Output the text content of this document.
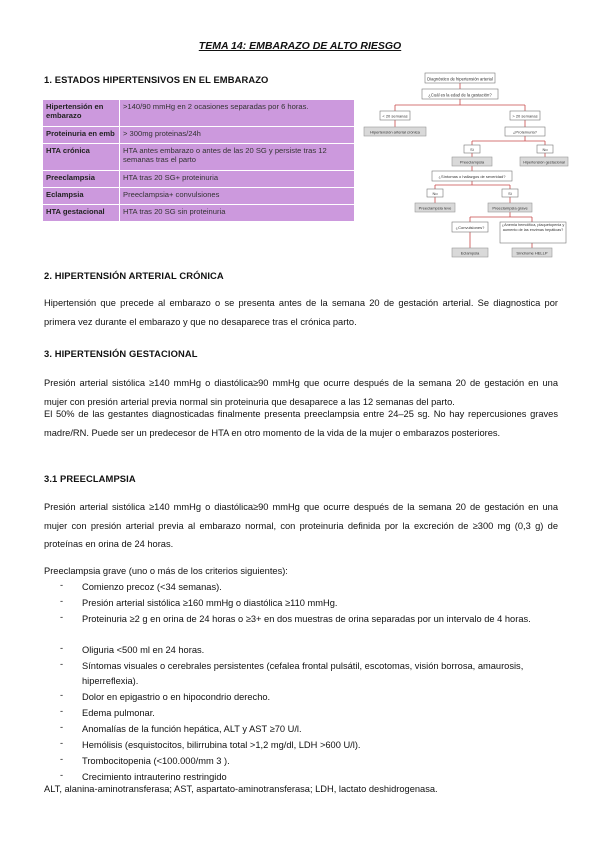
TEMA 14: EMBARAZO DE ALTO RIESGO
1. ESTADOS HIPERTENSIVOS EN EL EMBARAZO
Hipertensión en embarazo	>140/90 mmHg en 2 ocasiones separadas por 6 horas.
Proteinuria en emb	> 300mg proteinas/24h
HTA crónica	HTA antes embarazo o antes de las 20 SG y persiste tras 12 semanas tras el parto
Preeclampsia	HTA tras 20 SG+ proteinuria
Eclampsia	Preeclampsia+ convulsiones
HTA gestacional	HTA tras 20 SG sin proteinuria
Diagnóstico de hipertensión arterial
¿Cuál es la edad de la gestación?
< 20 semanas	> 20 semanas
Hipertensión arterial crónica	¿Proteinuria?
Sí	No
Preeclampsia	Hipertensión gestacional
¿Síntomas o hallazgos de severidad?
No	Sí
Preeclampsia leve	Preeclampsia grave
¿Convulsiones?	¿Anemia hemolítica, plaquetopenia y aumento de las enzimas hepáticas?
Eclampsia	Síndrome HELLP
2. HIPERTENSIÓN ARTERIAL CRÓNICA
Hipertensión que precede al embarazo o se presenta antes de la semana 20 de gestación arterial. Se diagnostica por primera vez durante el embarazo y que no desaparece tras el crónica parto.
3. HIPERTENSIÓN GESTACIONAL
Presión arterial sistólica ≥140 mmHg o diastólica≥90 mmHg que ocurre después de la semana 20 de gestación en una mujer con presión arterial previa normal sin proteinuria que desaparece a las 12 semanas del parto.
El 50% de las gestantes diagnosticadas finalmente presenta preeclampsia entre 24–25 sg. No hay repercusiones graves madre/RN. Puede ser un predecesor de HTA en otro momento de la vida de la mujer o embarazos posteriores.
3.1 PREECLAMPSIA
Presión arterial sistólica ≥140 mmHg o diastólica≥90 mmHg que ocurre después de la semana 20 de gestación en una mujer con presión arterial previa al embarazo normal, con proteinuria definida por la excreción de ≥300 mg (0,3 g) de proteínas en orina de 24 horas.
Preeclampsia grave (uno o más de los criterios siguientes):
- Comienzo precoz (<34 semanas).
- Presión arterial sistólica ≥160 mmHg o diastólica ≥110 mmHg.
- Proteinuria ≥2 g en orina de 24 horas o ≥3+ en dos muestras de orina separadas por un intervalo de 4 horas.
- Oliguria <500 ml en 24 horas.
- Síntomas visuales o cerebrales persistentes (cefalea frontal pulsátil, escotomas, visión borrosa, amaurosis, hiperreflexia).
- Dolor en epigastrio o en hipocondrio derecho.
- Edema pulmonar.
- Anomalías de la función hepática, ALT y AST ≥70 U/l.
- Hemólisis (esquistocitos, bilirrubina total >1,2 mg/dl, LDH >600 U/l).
- Trombocitopenia (<100.000/mm 3 ).
- Crecimiento intrauterino restringido
ALT, alanina-aminotransferasa; AST, aspartato-aminotransferasa; LDH, lactato deshidrogenasa.
